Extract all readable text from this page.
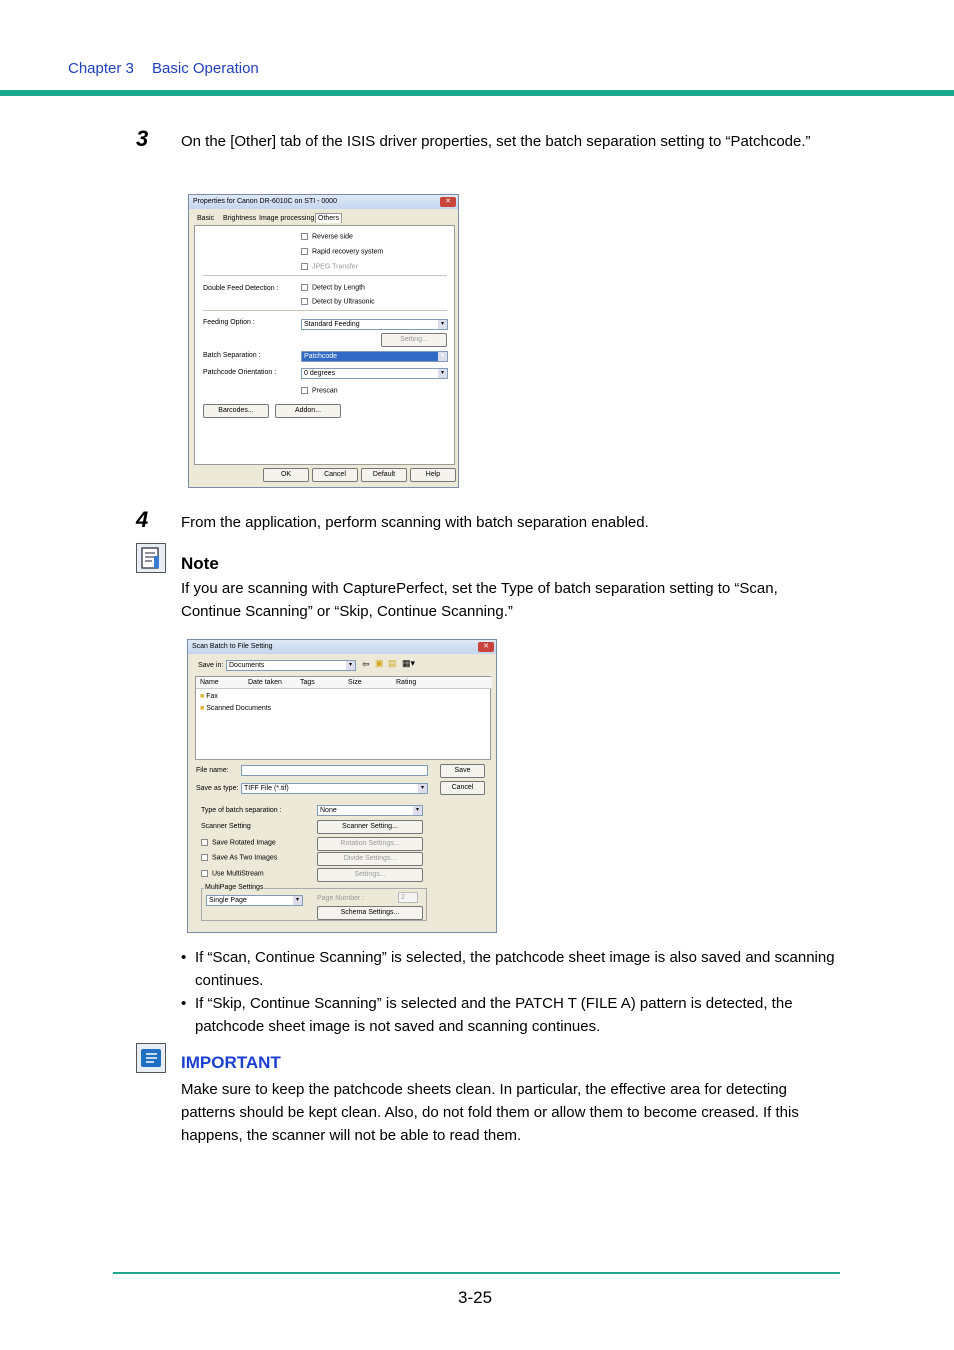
Chapter 3 Basic Operation
3 On the [Other] tab of the ISIS driver properties, set the batch separation setting to “Patchcode.”
Properties for Canon DR-6010C on STI - 0000	✕
Basic Brightness Image processing Others
Reverse side
Rapid recovery system
JPEG Transfer
Double Feed Detection :	Detect by Length
Detect by Ultrasonic
Feeding Option :	Standard Feeding ▾
Setting...
Batch Separation :	Patchcode ▾
Patchcode Orientation :	0 degrees ▾
Prescan
Barcodes...	Addon...
OK	Cancel	Default	Help
4 From the application, perform scanning with batch separation enabled.
Note
If you are scanning with CapturePerfect, set the Type of batch separation setting to “Scan, Continue Scanning” or “Skip, Continue Scanning.”
Scan Batch to File Setting	✕
Save in: Documents ▾	⇦ ▣ ▤ ▦▾
Name	Date taken	Tags	Size	Rating
■ Fax
■ Scanned Documents
File name:	Save
Save as type: TIFF File (*.tif) ▾	Cancel
Type of batch separation :	None ▾
Scanner Setting	Scanner Setting...
Save Rotated Image	Rotation Settings...
Save As Two Images	Divide Settings...
Use MultiStream	Settings...
MultiPage Settings
Single Page ▾	Page Number :	2
Schema Settings...
• If “Scan, Continue Scanning” is selected, the patchcode sheet image is also saved and scanning continues.
• If “Skip, Continue Scanning” is selected and the PATCH T (FILE A) pattern is detected, the patchcode sheet image is not saved and scanning continues.
IMPORTANT
Make sure to keep the patchcode sheets clean. In particular, the effective area for detecting patterns should be kept clean. Also, do not fold them or allow them to become creased. If this happens, the scanner will not be able to read them.
3-25
